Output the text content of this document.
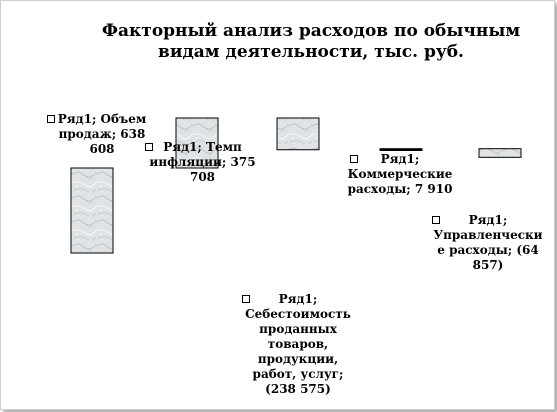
Факторный анализ расходов по обычным
видам деятельности, тыс. руб.
Ряд1; Объем
продаж; 638
608	Ряд1; Темп
инфляции; 375
708
Ряд1;
Себестоимость
проданных
товаров,
продукции,
работ, услуг;
(238 575)
Ряд1;
Коммерческие
расходы; 7 910
Ряд1;
Управленчески
е расходы; (64
857)
